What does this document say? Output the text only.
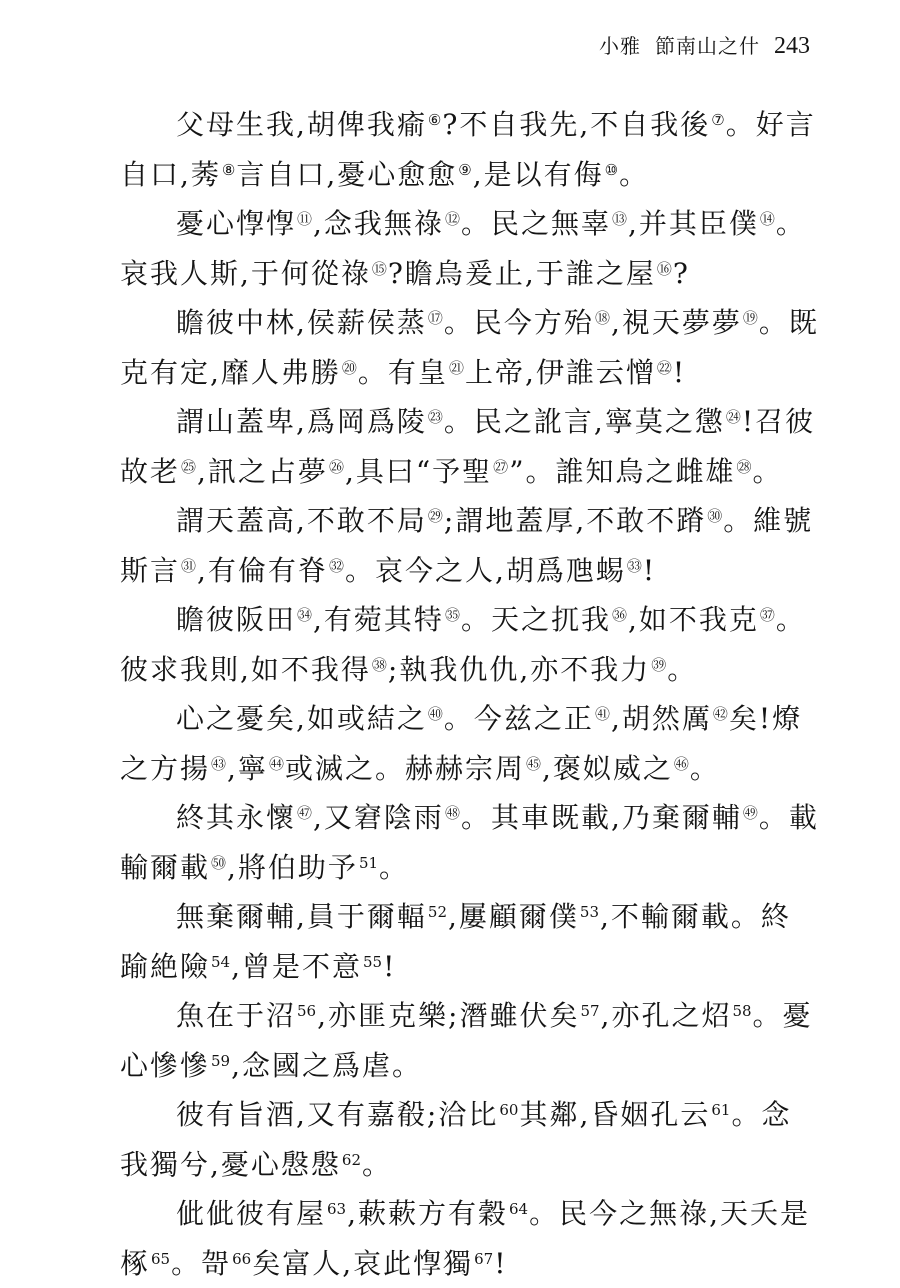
小雅 節南山之什 243

父母生我,胡俾我瘉⑥?不自我先,不自我後⑦。好言自口,莠⑧言自口,憂心愈愈⑨,是以有侮⑩。

憂心惸惸⑪,念我無祿⑫。民之無辜⑬,并其臣僕⑭。哀我人斯,于何從祿⑮?瞻烏爰止,于誰之屋⑯?

瞻彼中林,侯薪侯蒸⑰。民今方殆⑱,視天夢夢⑲。既克有定,靡人弗勝⑳。有皇$^㉑$上帝,伊誰云憎$^㉒$!

謂山蓋卑,爲岡爲陵$^㉓$。民之訛言,寧莫之懲$^㉔$!召彼故老$^㉕$,訊之占夢$^㉖$,具曰“予聖$^㉗$”。誰知烏之雌雄$^㉘$。

謂天蓋高,不敢不局$^㉙$;謂地蓋厚,不敢不蹐$^㉚$。維號斯言$^㉛$,有倫有脊$^㉜$。哀今之人,胡爲虺蜴$^㉝$!

瞻彼阪田$^㉞$,有菀其特$^㉟$。天之扤我$^㊱$,如不我克$^㊲$。彼求我則,如不我得$^㊳$;執我仇仇,亦不我力$^㊴$。

心之憂矣,如或結之$^㊵$。今兹之正$^㊶$,胡然厲$^㊷$矣!燎之方揚$^㊸$,寧$^㊹$或滅之。赫赫宗周$^㊺$,褒姒威之$^㊻$。

終其永懷$^㊼$,又窘陰雨$^㊽$。其車既載,乃棄爾輔$^㊾$。載輸爾載$^㊿$,將伯助予$^{51}$。

無棄爾輔,員于爾輻$^{52}$,屢顧爾僕$^{53}$,不輸爾載。終踰絶險$^{54}$,曾是不意$^{55}$!

魚在于沼$^{56}$,亦匪克樂;潛雖伏矣$^{57}$,亦孔之炤$^{58}$。憂心慘慘$^{59}$,念國之爲虐。

彼有旨酒,又有嘉殽;洽比$^{60}$其鄰,昏姻孔云$^{61}$。念我獨兮,憂心慇慇$^{62}$。

佌佌彼有屋$^{63}$,蔌蔌方有穀$^{64}$。民今之無祿,天夭是椓$^{65}$。哿$^{66}$矣富人,哀此惸獨$^{67}$!
